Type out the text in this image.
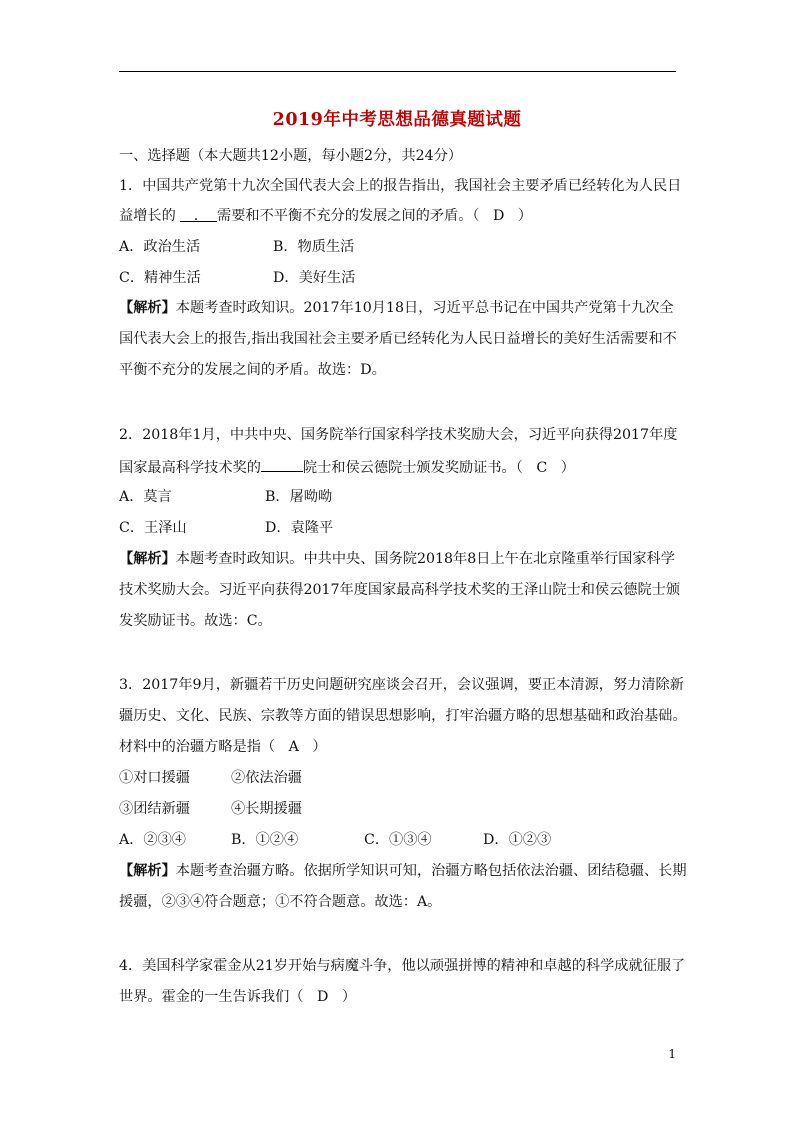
2019年中考思想品德真题试题
一、选择题（本大题共12小题，每小题2分，共24分）
1．中国共产党第十九次全国代表大会上的报告指出，我国社会主要矛盾已经转化为人民日
益增长的    ．  需要和不平衡不充分的发展之间的矛盾。（   D   ）
A．政治生活	B．物质生活
C．精神生活	D．美好生活
【解析】本题考查时政知识。2017年10月18日，习近平总书记在中国共产党第十九次全
国代表大会上的报告,指出我国社会主要矛盾已经转化为人民日益增长的美好生活需要和不
平衡不充分的发展之间的矛盾。故选：D。
2．2018年1月，中共中央、国务院举行国家科学技术奖励大会，习近平向获得2017年度
国家最高科学技术奖的	院士和侯云德院士颁发奖励证书。（   C   ）
A．莫言	B．屠呦呦
C．王泽山	D．袁隆平
【解析】本题考查时政知识。中共中央、国务院2018年8日上午在北京隆重举行国家科学
技术奖励大会。习近平向获得2017年度国家最高科学技术奖的王泽山院士和侯云德院士颁
发奖励证书。故选：C。
3．2017年9月，新疆若干历史问题研究座谈会召开，会议强调，要正本清源，努力清除新
疆历史、文化、民族、宗教等方面的错误思想影响，打牢治疆方略的思想基础和政治基础。
材料中的治疆方略是指（   A   ）
①对口援疆	②依法治疆
③团结新疆	④长期援疆
A．②③④	B．①②④	C．①③④	D．①②③
【解析】本题考查治疆方略。依据所学知识可知，治疆方略包括依法治疆、团结稳疆、长期
援疆，②③④符合题意；①不符合题意。故选：A。
4．美国科学家霍金从21岁开始与病魔斗争，他以顽强拼博的精神和卓越的科学成就征服了
世界。霍金的一生告诉我们（   D   ）
1
